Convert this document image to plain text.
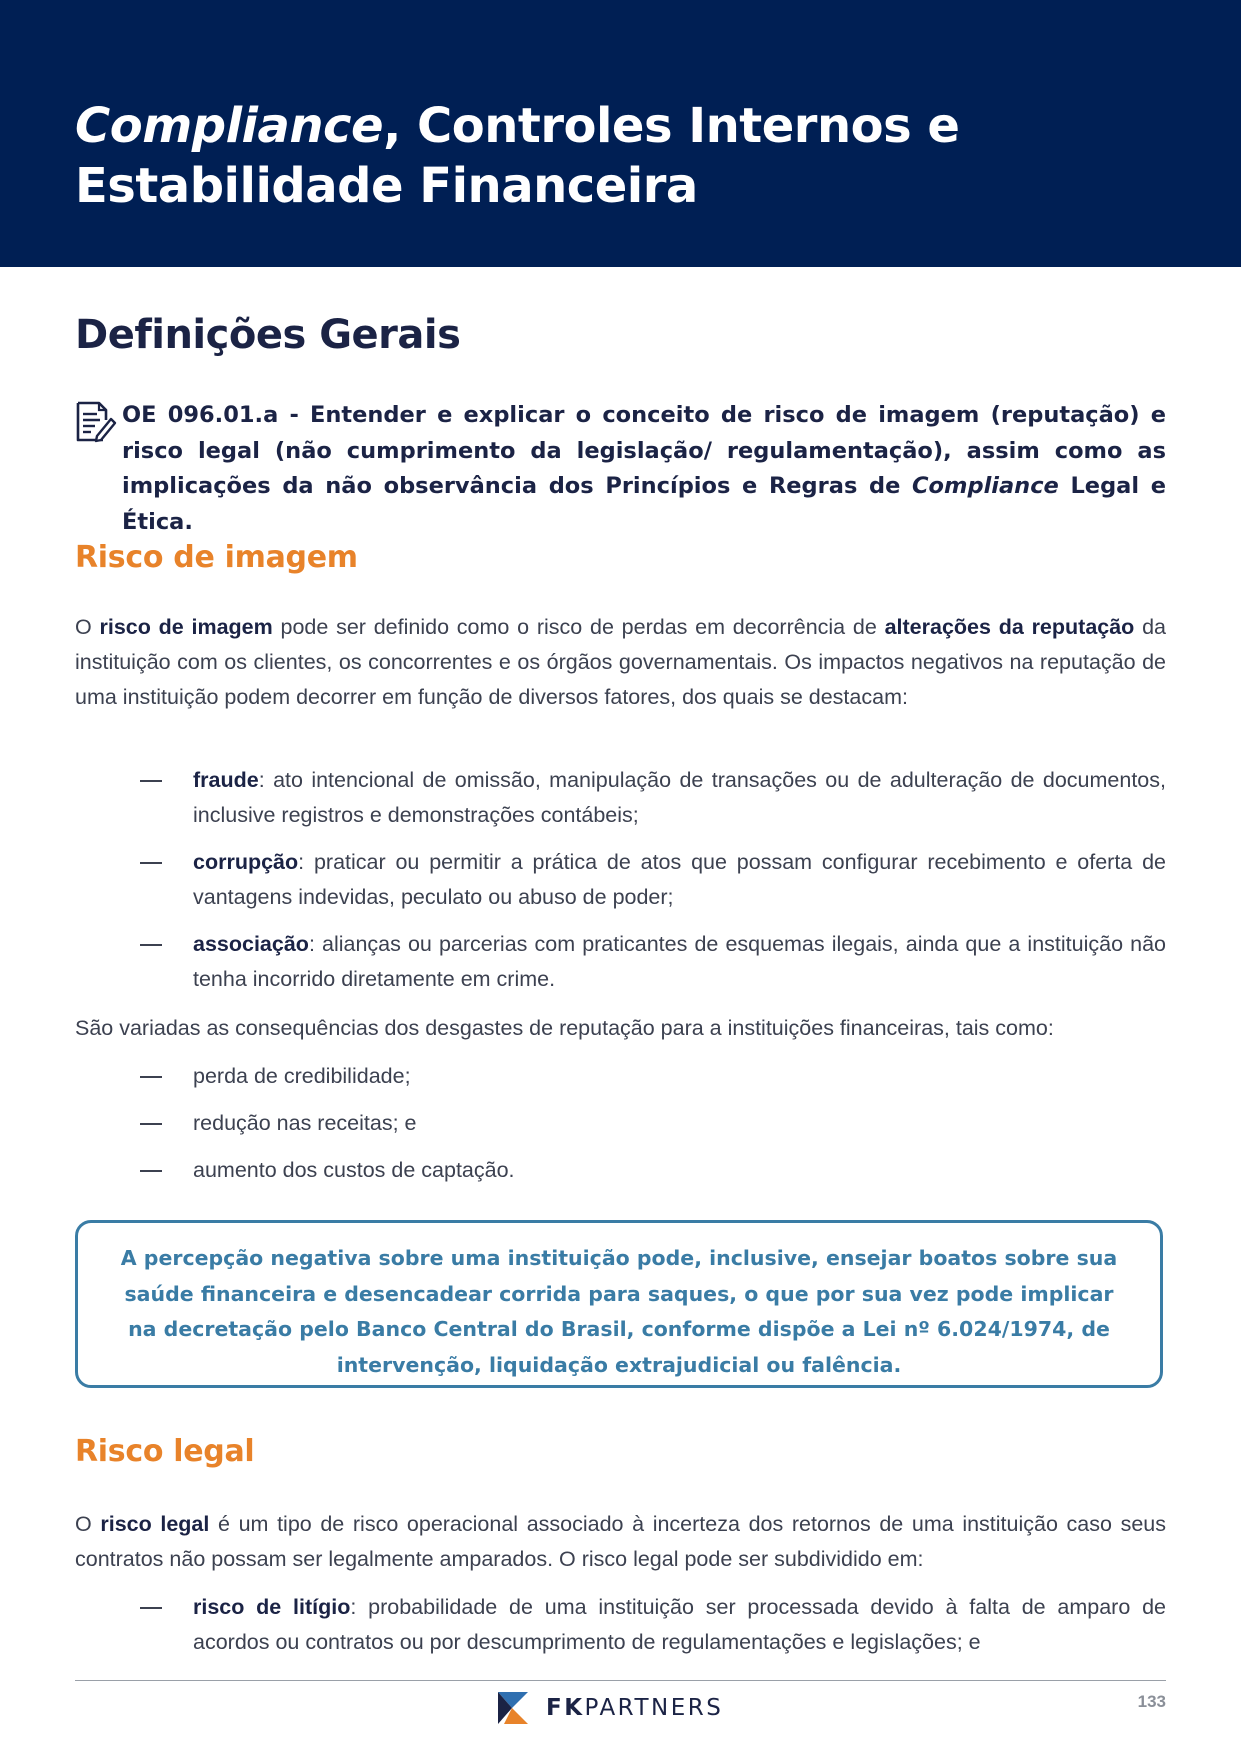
Compliance, Controles Internos e
Estabilidade Financeira
Definições Gerais

OE 096.01.a - Entender e explicar o conceito de risco de imagem (reputação) e risco legal (não cumprimento da legislação/ regulamentação), assim como as implicações da não observância dos Princípios e Regras de Compliance Legal e Ética.

Risco de imagem

O risco de imagem pode ser definido como o risco de perdas em decorrência de alterações da reputação da instituição com os clientes, os concorrentes e os órgãos governamentais. Os impactos negativos na reputação de uma instituição podem decorrer em função de diversos fatores, dos quais se destacam:

fraude: ato intencional de omissão, manipulação de transações ou de adulteração de documentos, inclusive registros e demonstrações contábeis;
corrupção: praticar ou permitir a prática de atos que possam configurar recebimento e oferta de vantagens indevidas, peculato ou abuso de poder;
associação: alianças ou parcerias com praticantes de esquemas ilegais, ainda que a instituição não tenha incorrido diretamente em crime.

São variadas as consequências dos desgastes de reputação para a instituições financeiras, tais como:

perda de credibilidade;
redução nas receitas; e
aumento dos custos de captação.

A percepção negativa sobre uma instituição pode, inclusive, ensejar boatos sobre sua saúde financeira e desencadear corrida para saques, o que por sua vez pode implicar na decretação pelo Banco Central do Brasil, conforme dispõe a Lei nº 6.024/1974, de intervenção, liquidação extrajudicial ou falência.

Risco legal

O risco legal é um tipo de risco operacional associado à incerteza dos retornos de uma instituição caso seus contratos não possam ser legalmente amparados. O risco legal pode ser subdividido em:

risco de litígio: probabilidade de uma instituição ser processada devido à falta de amparo de acordos ou contratos ou por descumprimento de regulamentações e legislações; e
FKPARTNERS	133
